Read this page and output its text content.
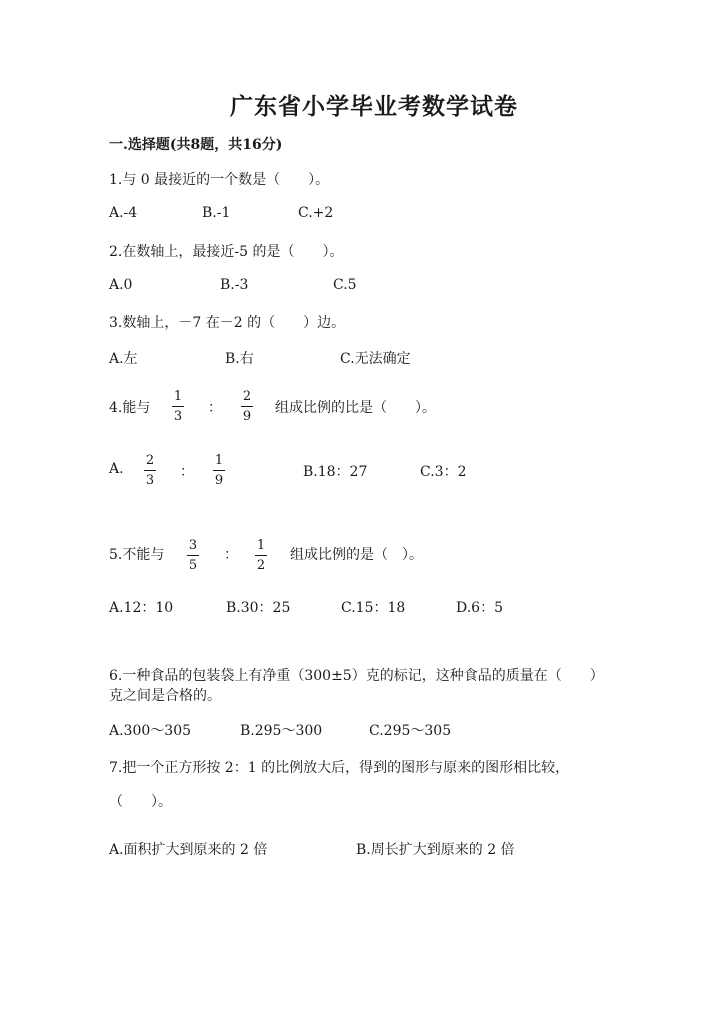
广东省小学毕业考数学试卷
一.选择题(共8题，共16分)
1.与 0 最接近的一个数是（　　）。
A.-4	B.-1	C.+2
2.在数轴上，最接近-5 的是（　　）。
A.0	B.-3	C.5
3.数轴上，－7 在－2 的（　　）边。
A.左	B.右	C.无法确定
4.能与
1
3
：
2
9
组成比例的比是（　　）。
A.
2
3
：
1
9
B.18：27	C.3：2
5.不能与
3
5
：
1
2
组成比例的是（　）。
A.12：10	B.30：25	C.15：18	D.6：5
6.一种食品的包装袋上有净重（300±5）克的标记，这种食品的质量在（　　）
克之间是合格的。
A.300～305	B.295～300	C.295～305
7.把一个正方形按 2：1 的比例放大后，得到的图形与原来的图形相比较，
（　　）。
A.面积扩大到原来的 2 倍	B.周长扩大到原来的 2 倍
